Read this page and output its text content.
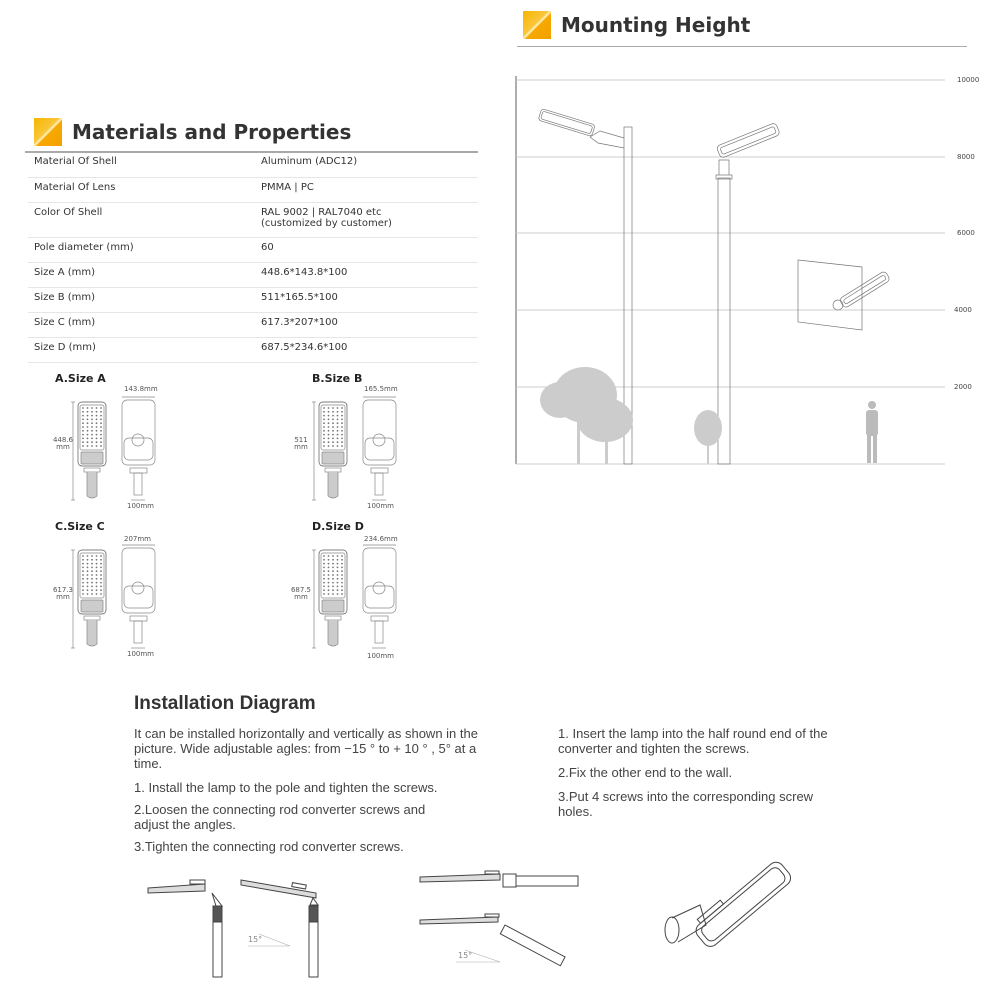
Mounting Height
10000
8000
6000
4000
2000
Materials and Properties
Material Of Shell	Aluminum (ADC12)
Material Of Lens	PMMA | PC
Color Of Shell	RAL 9002 | RAL7040 etc
(customized by customer)

Pole diameter (mm)	60
Size A (mm)	448.6*143.8*100
Size B (mm)	511*165.5*100
Size C (mm)	617.3*207*100
Size D (mm)	687.5*234.6*100
A.Size A
143.8mm
448.6
mm
100mm
B.Size B
165.5mm
511
mm
100mm
C.Size C
207mm
617.3
mm
100mm
D.Size D
234.6mm
687.5
mm
100mm
Installation Diagram

It can be installed horizontally and vertically as shown in the picture. Wide adjustable agles: from −15 ° to + 10 ° , 5° at a time.

1. Install the lamp to the pole and tighten the screws.
2.Loosen the connecting rod converter screws and adjust the angles.
3.Tighten the connecting rod converter screws.
1. Insert the lamp into the half round end of the converter and tighten the screws.
2.Fix the other end to the wall.
3.Put 4 screws into the corresponding screw holes.
15°
15°
